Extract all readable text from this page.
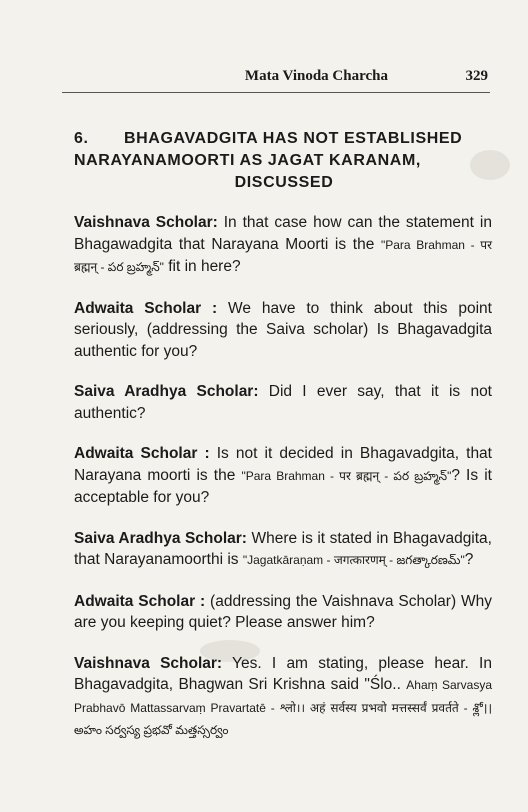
Mata Vinoda Charcha	329
6. BHAGAVADGITA HAS NOT ESTABLISHED
NARAYANAMOORTI AS JAGAT KARANAM,
DISCUSSED

Vaishnava Scholar: In that case how can the statement in Bhagawadgita that Narayana Moorti is the "Para Brahman - पर ब्रह्मन् - పర బ్రహ్మన్" fit in here?

Adwaita Scholar : We have to think about this point seriously, (addressing the Saiva scholar) Is Bhagavadgita authentic for you?

Saiva Aradhya Scholar: Did I ever say, that it is not authentic?

Adwaita Scholar : Is not it decided in Bhagavadgita, that Narayana moorti is the "Para Brahman - पर ब्रह्मन् - పర బ్రహ్మన్"? Is it acceptable for you?

Saiva Aradhya Scholar: Where is it stated in Bhagavadgita, that Narayanamoorthi is "Jagatkāraṇam - जगत्कारणम् - జగత్కారణమ్"?

Adwaita Scholar : (addressing the Vaishnava Scholar) Why are you keeping quiet? Please answer him?

Vaishnava Scholar: Yes. I am stating, please hear. In Bhagavadgita, Bhagwan Sri Krishna said "Ślo.. Ahaṃ Sarvasya Prabhavō Mattassarvaṃ Pravartatē - श्लो।। अहं सर्वस्य प्रभवो मत्तस्सर्वं प्रवर्तते - శ్లో।। అహం సర్వస్య ప్రభవో మత్తస్సర్వం
